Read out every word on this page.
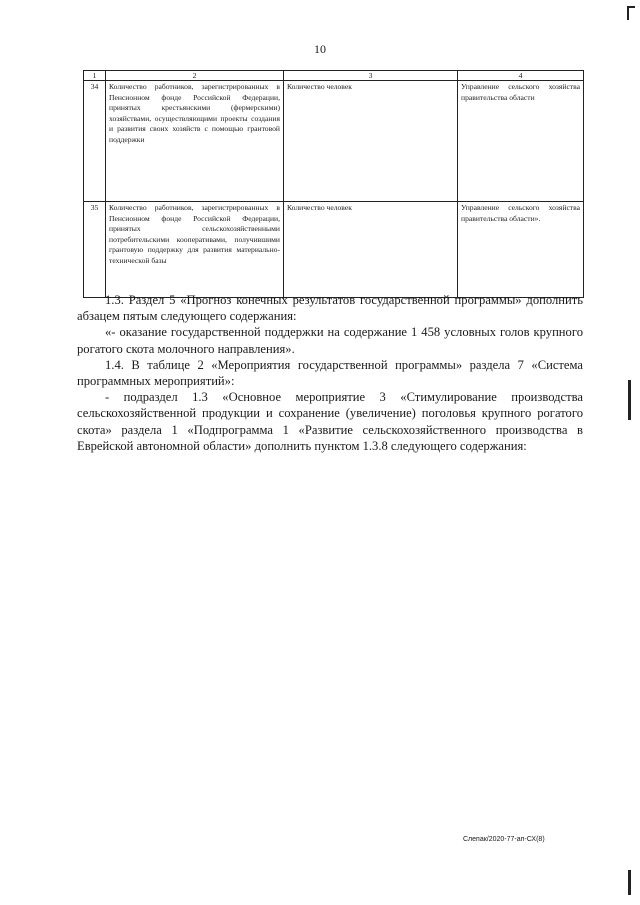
10
1	2	3	4
34	Количество работников, зарегистрированных в Пенсионном фонде Российской Федерации, принятых крестьянскими (фермерскими) хозяйствами, осуществляющими проекты создания и развития своих хозяйств с помощью грантовой поддержки	Количество человек	Управление сельского хозяйства правительства области
35	Количество работников, зарегистрированных в Пенсионном фонде Российской Федерации, принятых сельскохозяйственными потребительскими кооперативами, получившими грантовую поддержку для развития материально-технической базы	Количество человек	Управление сельского хозяйства правительства области».

1.3. Раздел 5 «Прогноз конечных результатов государственной программы» дополнить абзацем пятым следующего содержания:

«- оказание государственной поддержки на содержание 1 458 условных голов крупного рогатого скота молочного направления».

1.4. В таблице 2 «Мероприятия государственной программы» раздела 7 «Система программных мероприятий»:

- подраздел 1.3 «Основное мероприятие 3 «Стимулирование производства сельскохозяйственной продукции и сохранение (увеличение) поголовья крупного рогатого скота» раздела 1 «Подпрограмма 1 «Развитие сельскохозяйственного производства в Еврейской автономной области» дополнить пунктом 1.3.8 следующего содержания:

Слепак/2020-77-ап-СХ(8)
